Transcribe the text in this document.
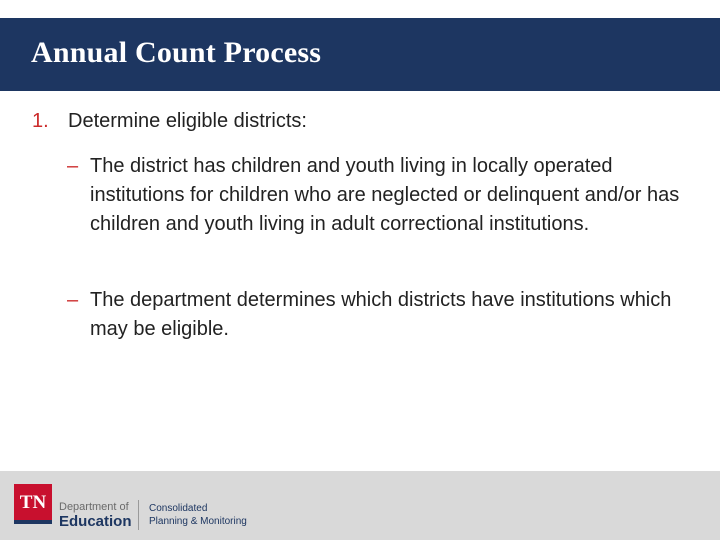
Annual Count Process
1. Determine eligible districts:
– The district has children and youth living in locally operated institutions for children who are neglected or delinquent and/or has children and youth living in adult correctional institutions.
– The department determines which districts have institutions which may be eligible.
TN	Department of
Education
Consolidated
Planning & Monitoring
